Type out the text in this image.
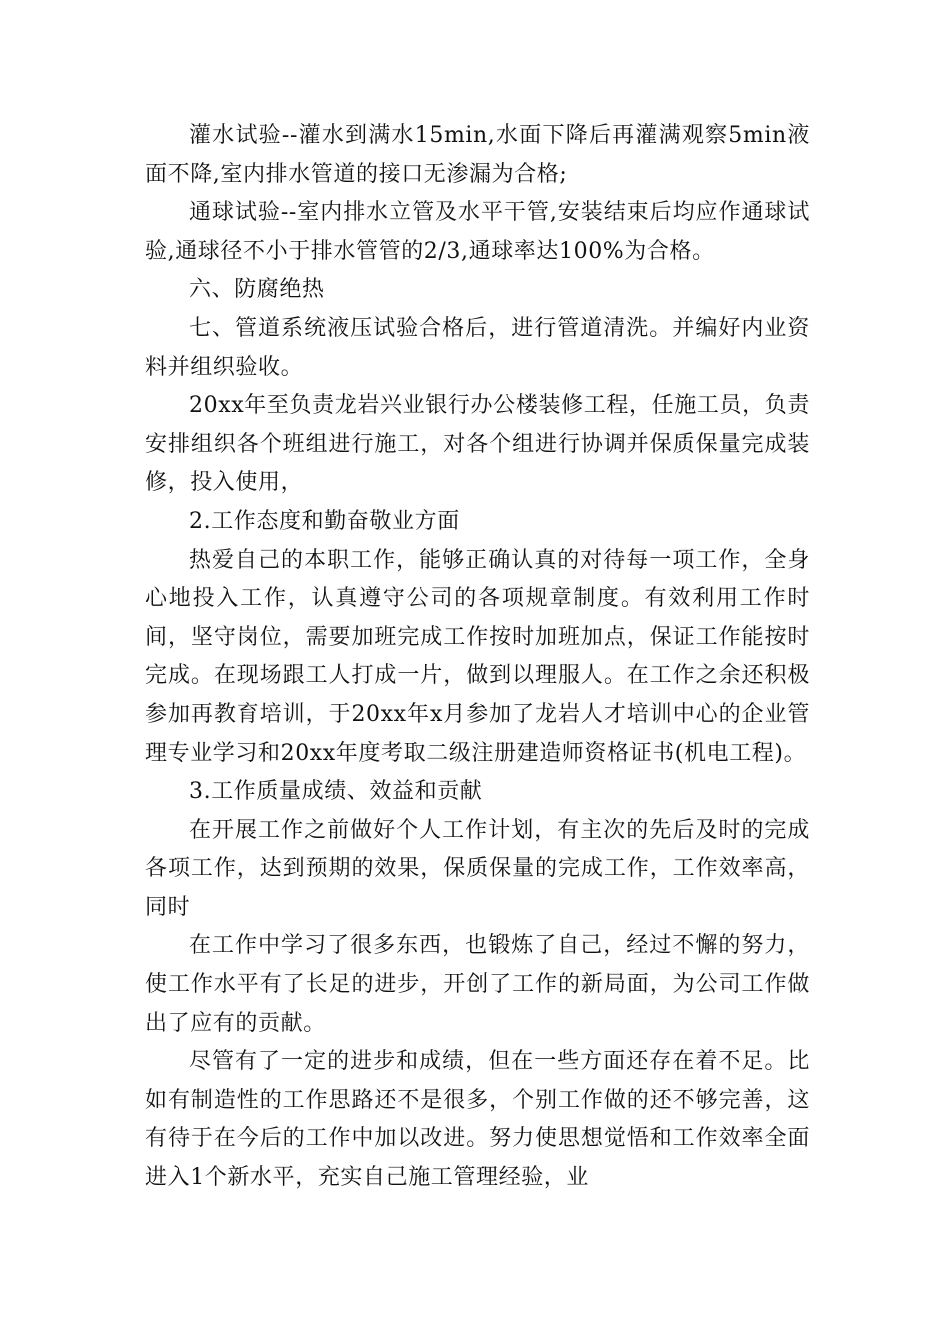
灌水试验--灌水到满水15min,水面下降后再灌满观察5min液面不降,室内排水管道的接口无渗漏为合格;

通球试验--室内排水立管及水平干管,安装结束后均应作通球试验,通球径不小于排水管管的2/3,通球率达100%为合格。

六、防腐绝热

七、管道系统液压试验合格后，进行管道清洗。并编好内业资料并组织验收。

20xx年至负责龙岩兴业银行办公楼装修工程，任施工员，负责安排组织各个班组进行施工，对各个组进行协调并保质保量完成装修，投入使用，

2.工作态度和勤奋敬业方面

热爱自己的本职工作，能够正确认真的对待每一项工作，全身心地投入工作，认真遵守公司的各项规章制度。有效利用工作时间，坚守岗位，需要加班完成工作按时加班加点，保证工作能按时完成。在现场跟工人打成一片，做到以理服人。在工作之余还积极参加再教育培训，于20xx年x月参加了龙岩人才培训中心的企业管理专业学习和20xx年度考取二级注册建造师资格证书(机电工程)。

3.工作质量成绩、效益和贡献

在开展工作之前做好个人工作计划，有主次的先后及时的完成各项工作，达到预期的效果，保质保量的完成工作，工作效率高，同时

在工作中学习了很多东西，也锻炼了自己，经过不懈的努力，使工作水平有了长足的进步，开创了工作的新局面，为公司工作做出了应有的贡献。

尽管有了一定的进步和成绩，但在一些方面还存在着不足。比如有制造性的工作思路还不是很多，个别工作做的还不够完善，这有待于在今后的工作中加以改进。努力使思想觉悟和工作效率全面进入1个新水平，充实自己施工管理经验，业
